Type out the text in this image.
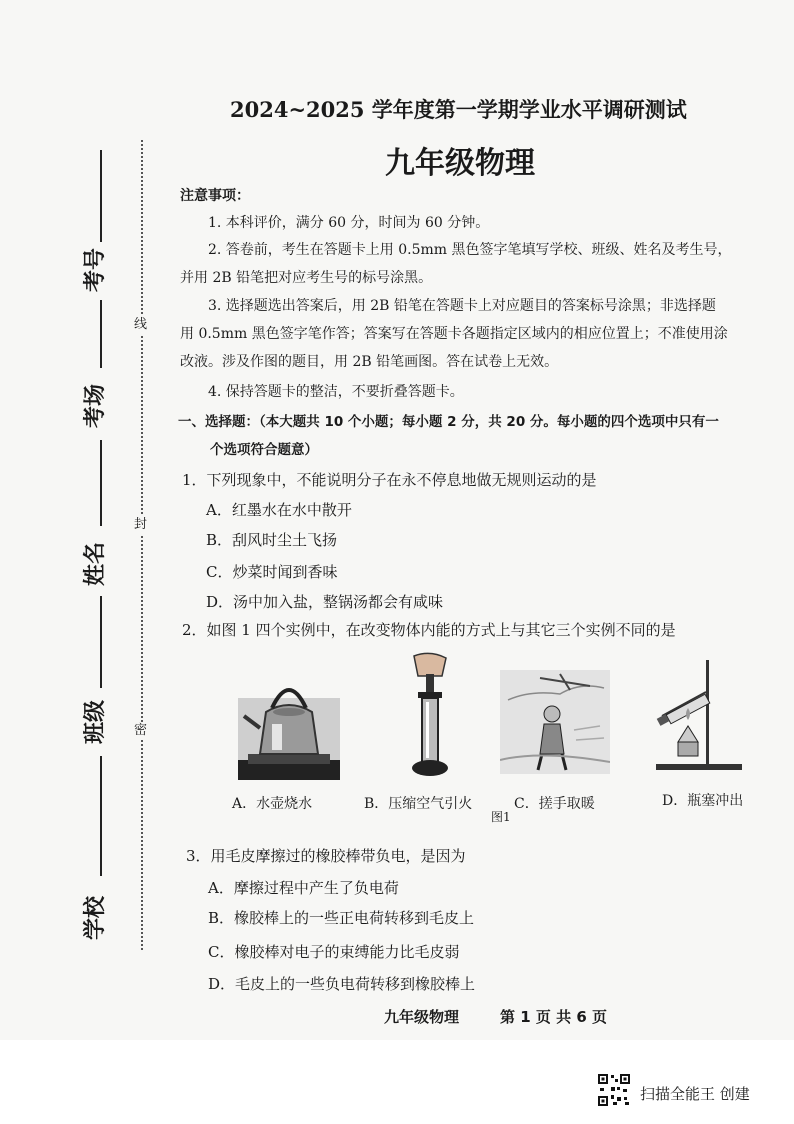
线
封
密
考号
考场
姓名
班级
学校
2024~2025 学年度第一学期学业水平调研测试
九年级物理
注意事项：
1. 本科评价，满分 60 分，时间为 60 分钟。
2. 答卷前，考生在答题卡上用 0.5mm 黑色签字笔填写学校、班级、姓名及考生号，
并用 2B 铅笔把对应考生号的标号涂黑。
3. 选择题选出答案后，用 2B 铅笔在答题卡上对应题目的答案标号涂黑；非选择题
用 0.5mm 黑色签字笔作答；答案写在答题卡各题指定区域内的相应位置上；不准使用涂
改液。涉及作图的题目，用 2B 铅笔画图。答在试卷上无效。
4. 保持答题卡的整洁，不要折叠答题卡。
一、选择题：（本大题共 10 个小题；每小题 2 分，共 20 分。每小题的四个选项中只有一
个选项符合题意）
1．下列现象中，不能说明分子在永不停息地做无规则运动的是
A．红墨水在水中散开
B．刮风时尘土飞扬
C．炒菜时闻到香味
D．汤中加入盐，整锅汤都会有咸味
2．如图 1 四个实例中，在改变物体内能的方式上与其它三个实例不同的是
A．水壶烧水	B．压缩空气引火	C．搓手取暖	D．瓶塞冲出
图1
3．用毛皮摩擦过的橡胶棒带负电，是因为
A．摩擦过程中产生了负电荷
B．橡胶棒上的一些正电荷转移到毛皮上
C．橡胶棒对电子的束缚能力比毛皮弱
D．毛皮上的一些负电荷转移到橡胶棒上
九年级物理	第 1 页 共 6 页
扫描全能王 创建
